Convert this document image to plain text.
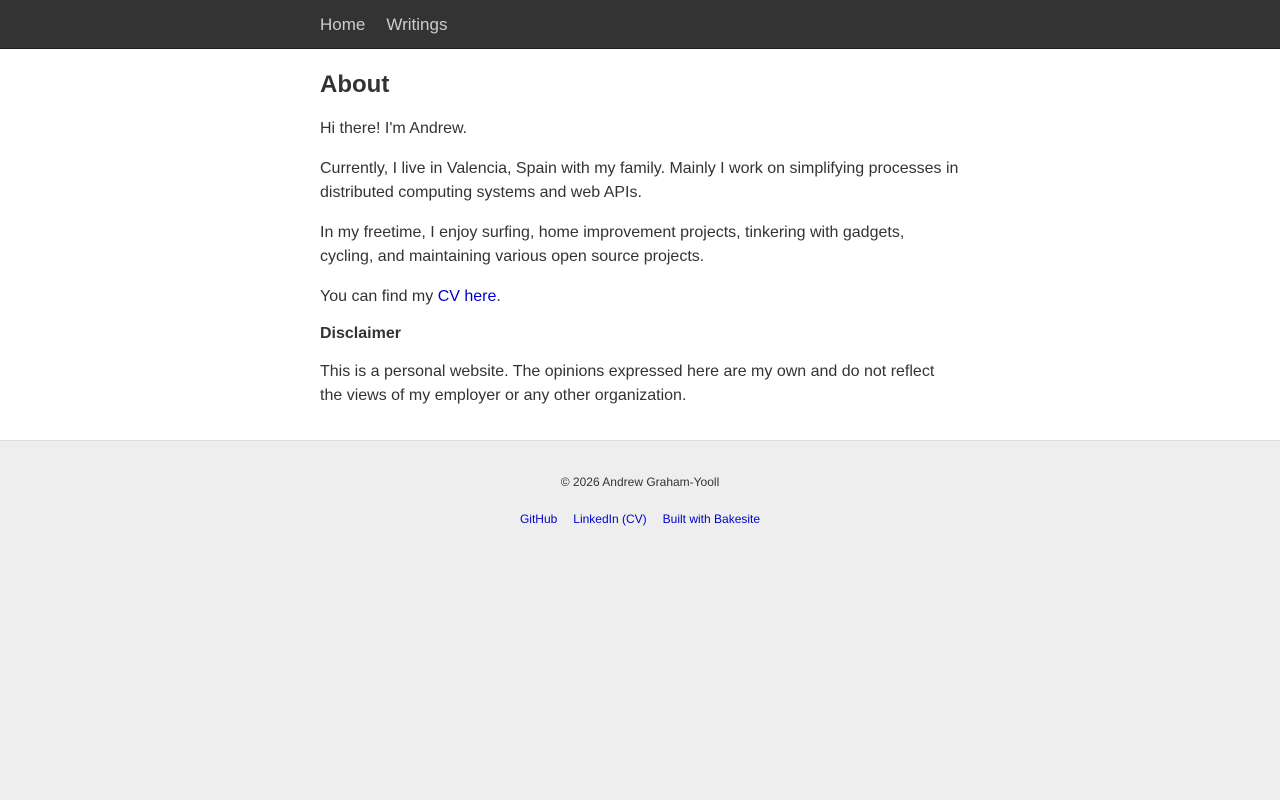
Home Writings
About

Hi there! I'm Andrew.

Currently, I live in Valencia, Spain with my family. Mainly I work on simplifying processes in distributed computing systems and web APIs.

In my freetime, I enjoy surfing, home improvement projects, tinkering with gadgets, cycling, and maintaining various open source projects.

You can find my CV here.

Disclaimer

This is a personal website. The opinions expressed here are my own and do not reflect the views of my employer or any other organization.

© 2026 Andrew Graham-Yooll
GitHub LinkedIn (CV) Built with Bakesite
